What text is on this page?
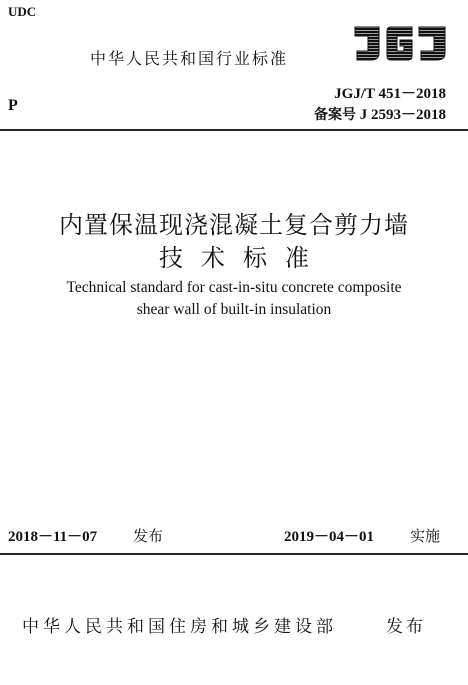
UDC
P
中华人民共和国行业标准
JGJ/T 451－2018
备案号 J 2593－2018
内置保温现浇混凝土复合剪力墙
技术标准
Technical standard for cast-in-situ concrete composite
shear wall of built-in insulation
2018－11－07 发布	2019－04－01 实施
中华人民共和国住房和城乡建设部	发布
